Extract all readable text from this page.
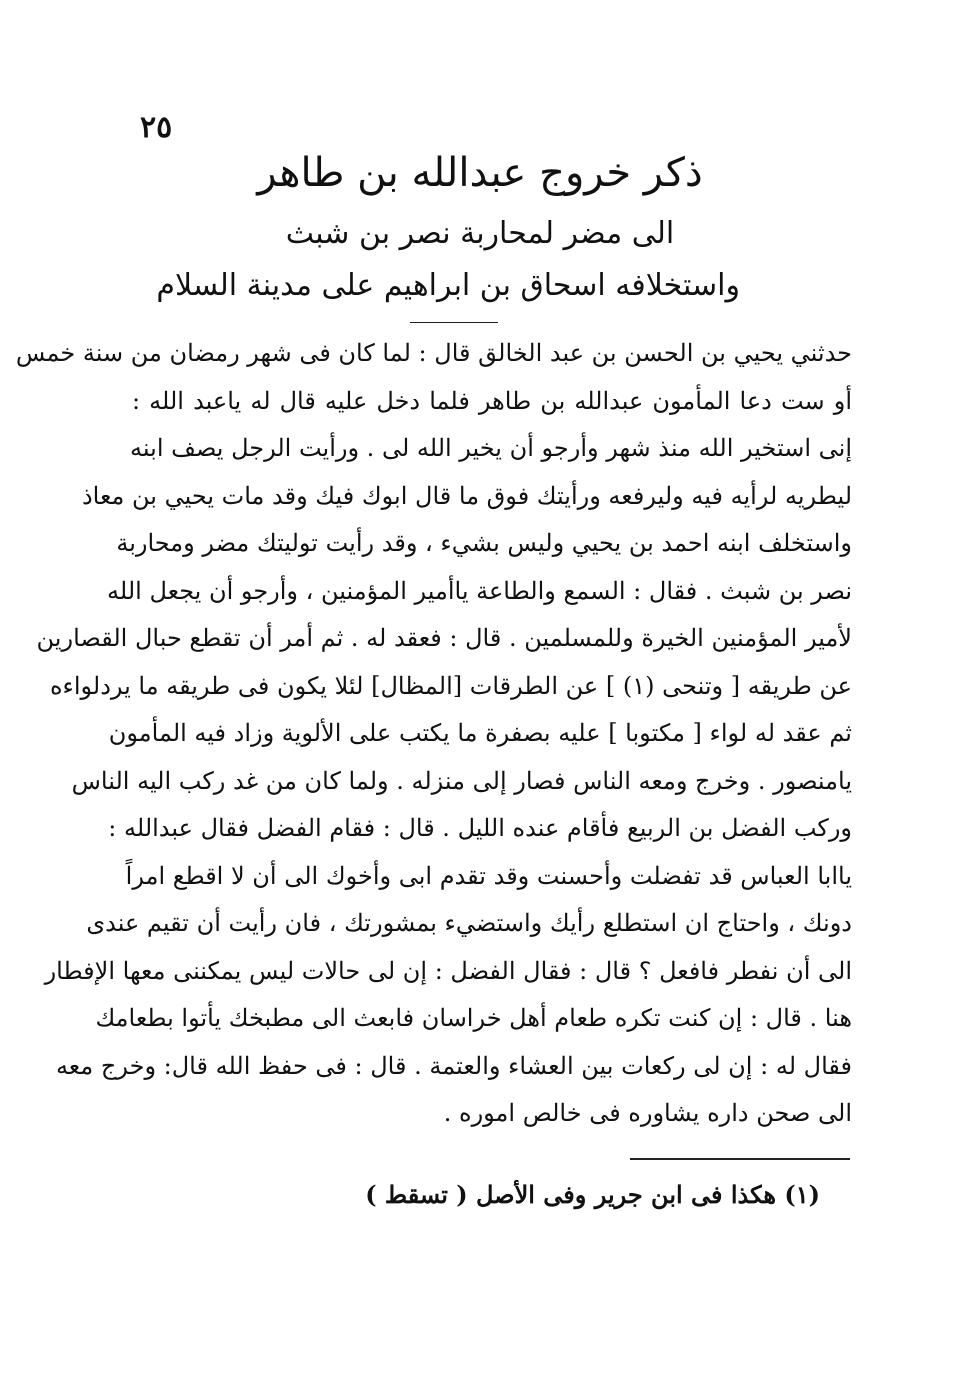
٢٥
ذكر خروج عبدالله بن طاهر
الى مضر لمحاربة نصر بن شبث
واستخلافه اسحاق بن ابراهيم على مدينة السلام
حدثني يحيي بن الحسن بن عبد الخالق قال : لما كان فى شهر رمضان من سنة خمس
أو ست دعا المأمون عبدالله بن طاهر فلما دخل عليه قال له ياعبد الله :
إنى استخير الله منذ شهر وأرجو أن يخير الله لى . ورأيت الرجل يصف ابنه
ليطريه لرأيه فيه وليرفعه ورأيتك فوق ما قال ابوك فيك وقد مات يحيي بن معاذ
واستخلف ابنه احمد بن يحيي وليس بشيء ، وقد رأيت توليتك مضر ومحاربة
نصر بن شبث . فقال : السمع والطاعة ياأمير المؤمنين ، وأرجو أن يجعل الله
لأمير المؤمنين الخيرة وللمسلمين . قال : فعقد له . ثم أمر أن تقطع حبال القصارين
عن طريقه [ وتنحى (١) ] عن الطرقات [المظال] لئلا يكون فى طريقه ما يردلواءه
ثم عقد له لواء [ مكتوبا ] عليه بصفرة ما يكتب على الألوية وزاد فيه المأمون
يامنصور . وخرج ومعه الناس فصار إلى منزله . ولما كان من غد ركب اليه الناس
وركب الفضل بن الربيع فأقام عنده الليل . قال : فقام الفضل فقال عبدالله :
ياابا العباس قد تفضلت وأحسنت وقد تقدم ابى وأخوك الى أن لا اقطع امراً
دونك ، واحتاج ان استطلع رأيك واستضيء بمشورتك ، فان رأيت أن تقيم عندى
الى أن نفطر فافعل ؟ قال : فقال الفضل : إن لى حالات ليس يمكننى معها الإفطار
هنا . قال : إن كنت تكره طعام أهل خراسان فابعث الى مطبخك يأتوا بطعامك
فقال له : إن لى ركعات بين العشاء والعتمة . قال : فى حفظ الله قال: وخرج معه
الى صحن داره يشاوره فى خالص اموره .
(١) هكذا فى ابن جرير وفى الأصل ( تسقط )
